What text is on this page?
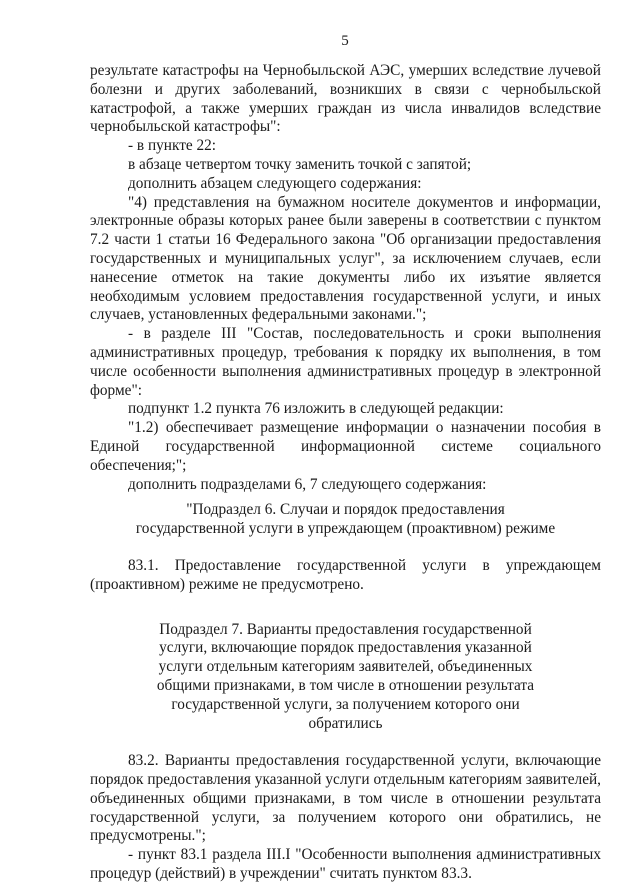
5

результате катастрофы на Чернобыльской АЭС, умерших вследствие лучевой болезни и других заболеваний, возникших в связи с чернобыльской катастрофой, а также умерших граждан из числа инвалидов вследствие чернобыльской катастрофы":

- в пункте 22:

в абзаце четвертом точку заменить точкой с запятой;

дополнить абзацем следующего содержания:

"4) представления на бумажном носителе документов и информации, электронные образы которых ранее были заверены в соответствии с пунктом 7.2 части 1 статьи 16 Федерального закона "Об организации предоставления государственных и муниципальных услуг", за исключением случаев, если нанесение отметок на такие документы либо их изъятие является необходимым условием предоставления государственной услуги, и иных случаев, установленных федеральными законами.";

- в разделе III "Состав, последовательность и сроки выполнения административных процедур, требования к порядку их выполнения, в том числе особенности выполнения административных процедур в электронной форме":

подпункт 1.2 пункта 76 изложить в следующей редакции:

"1.2) обеспечивает размещение информации о назначении пособия в Единой государственной информационной системе социального обеспечения;";

дополнить подразделами 6, 7 следующего содержания:

"Подраздел 6. Случаи и порядок предоставления

государственной услуги в упреждающем (проактивном) режиме

83.1. Предоставление государственной услуги в упреждающем (проактивном) режиме не предусмотрено.

Подраздел 7. Варианты предоставления государственной услуги, включающие порядок предоставления указанной услуги отдельным категориям заявителей, объединенных общими признаками, в том числе в отношении результата государственной услуги, за получением которого они обратились

83.2. Варианты предоставления государственной услуги, включающие порядок предоставления указанной услуги отдельным категориям заявителей, объединенных общими признаками, в том числе в отношении результата государственной услуги, за получением которого они обратились, не предусмотрены.";

- пункт 83.1 раздела III.I "Особенности выполнения административных процедур (действий) в учреждении" считать пунктом 83.3.
